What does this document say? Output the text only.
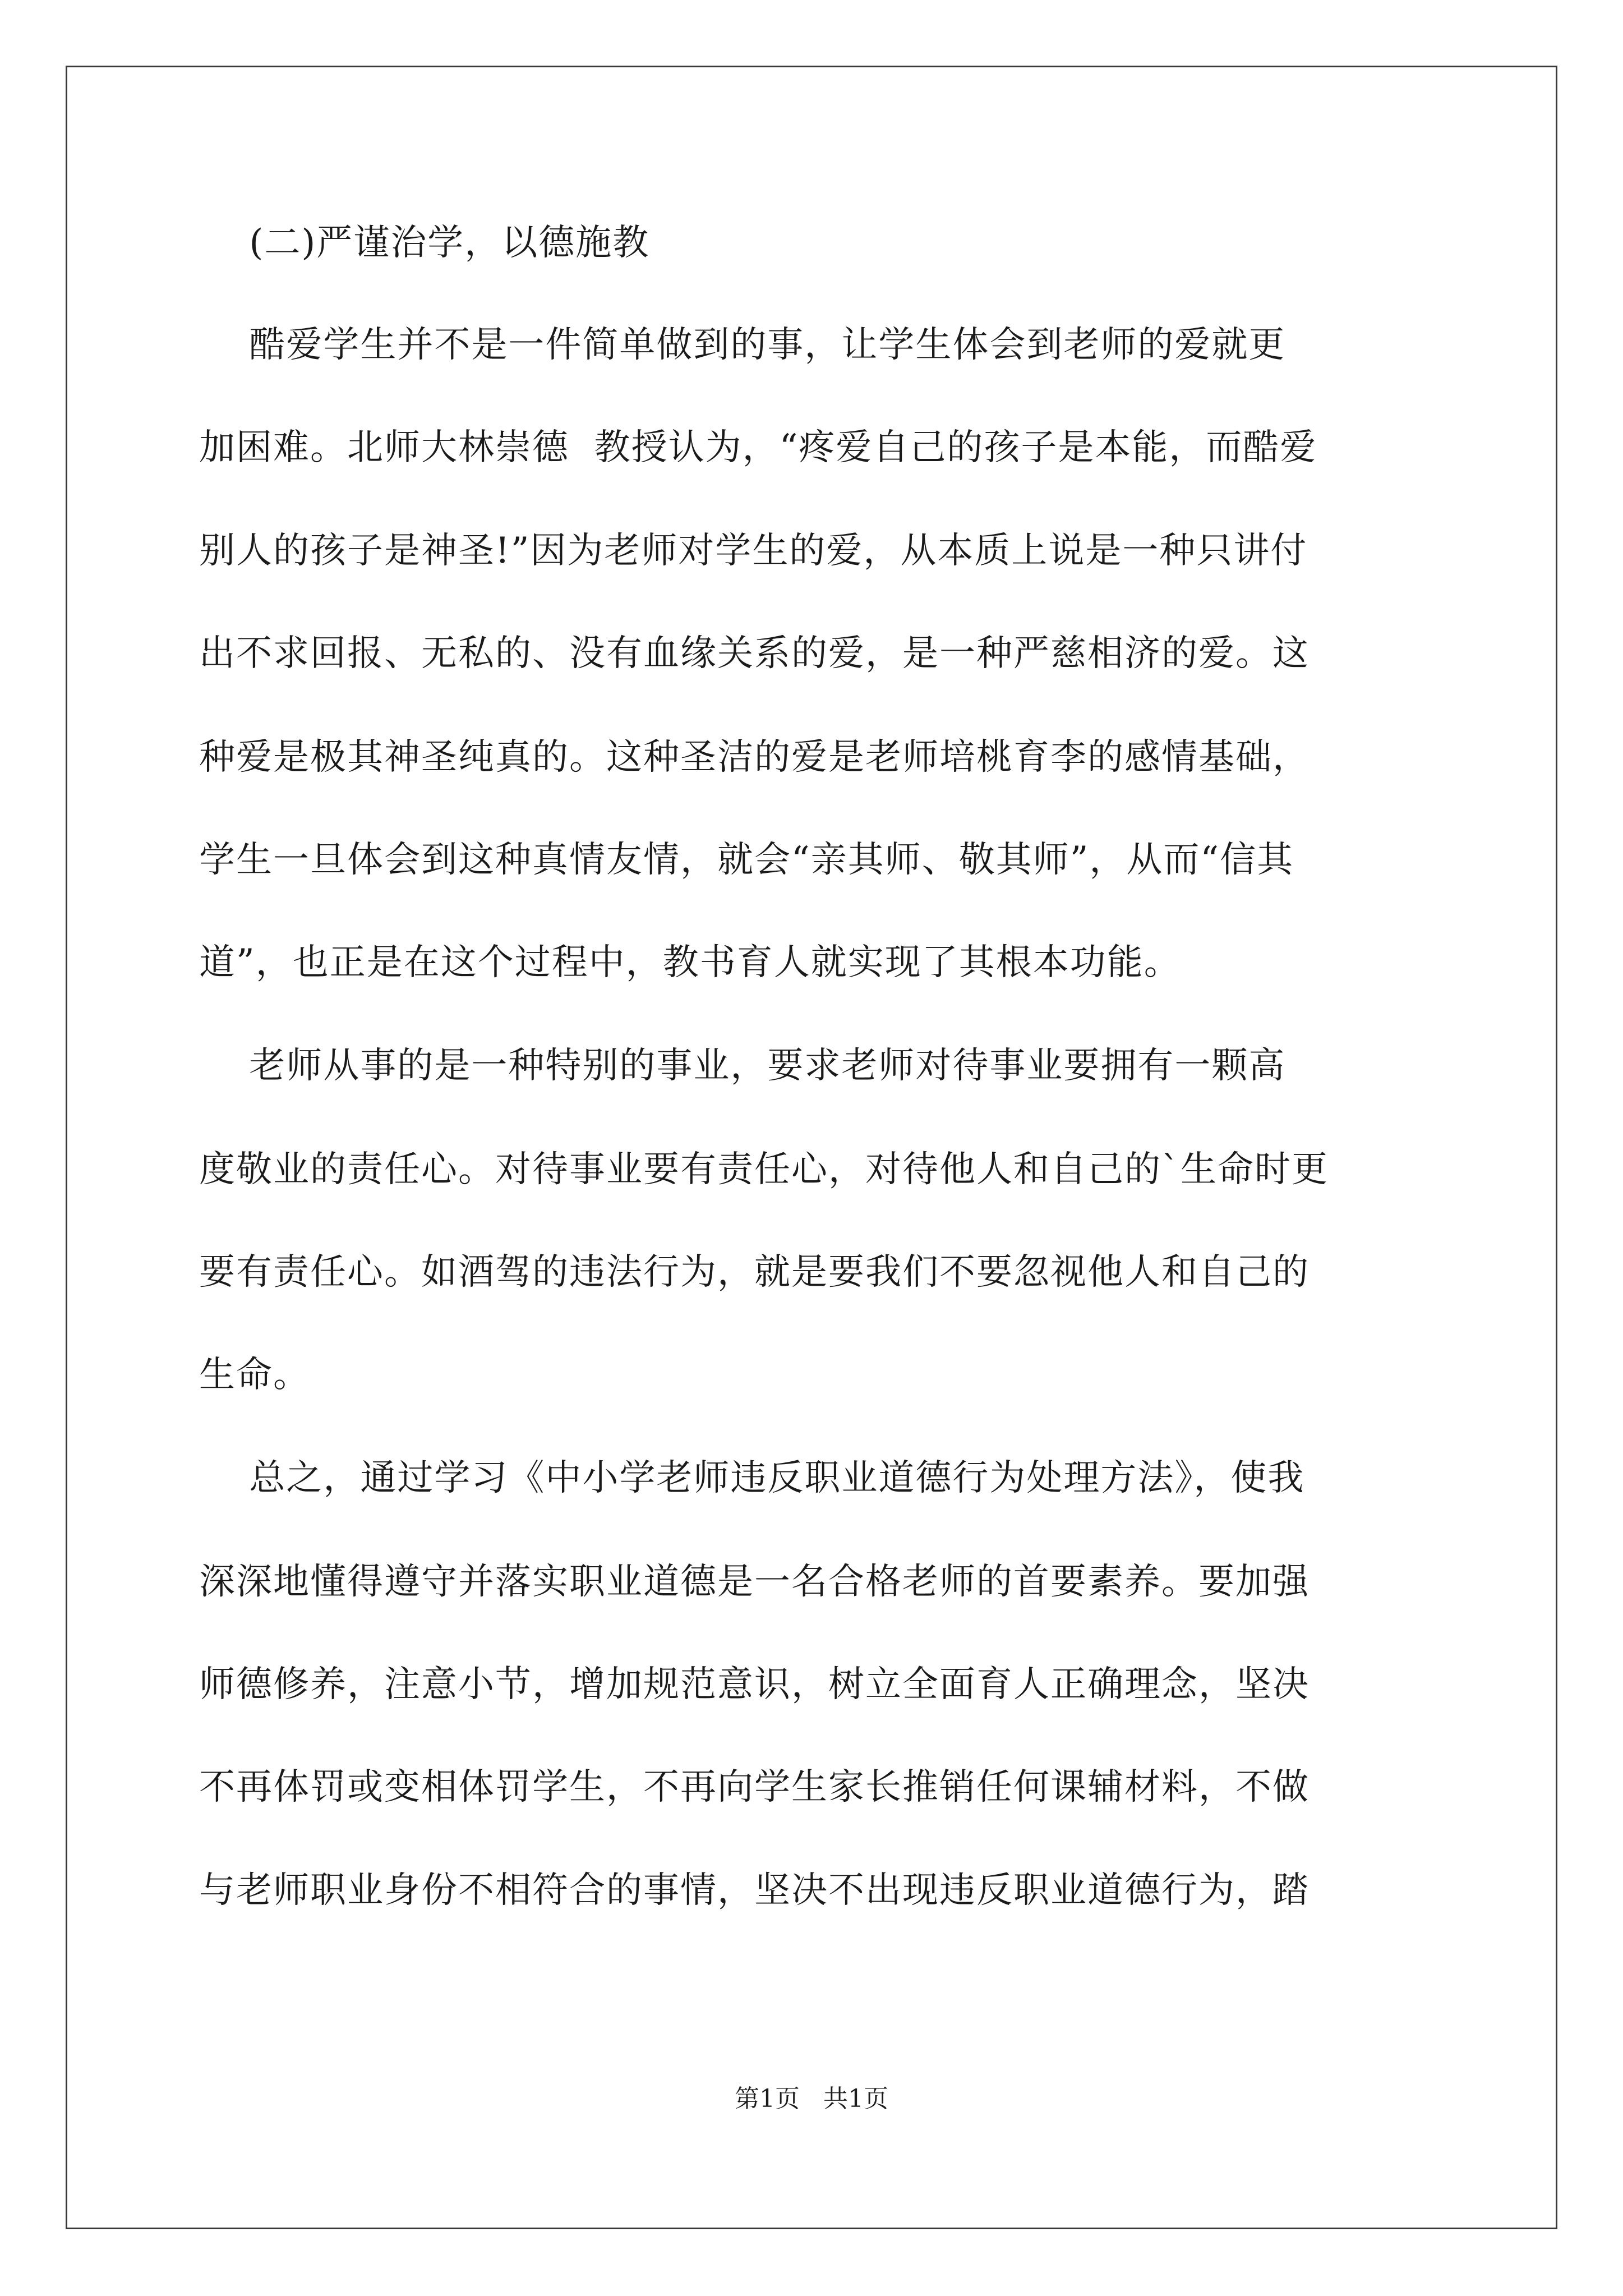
(二)严谨治学，以德施教
酷爱学生并不是一件简单做到的事，让学生体会到老师的爱就更
加困难。北师大林崇德  教授认为，“疼爱自己的孩子是本能，而酷爱
别人的孩子是神圣!”因为老师对学生的爱，从本质上说是一种只讲付
出不求回报、无私的、没有血缘关系的爱，是一种严慈相济的爱。这
种爱是极其神圣纯真的。这种圣洁的爱是老师培桃育李的感情基础，
学生一旦体会到这种真情友情，就会“亲其师、敬其师”，从而“信其
道”，也正是在这个过程中，教书育人就实现了其根本功能。
老师从事的是一种特别的事业，要求老师对待事业要拥有一颗高
度敬业的责任心。对待事业要有责任心，对待他人和自己的`生命时更
要有责任心。如酒驾的违法行为，就是要我们不要忽视他人和自己的
生命。
总之，通过学习《中小学老师违反职业道德行为处理方法》，使我
深深地懂得遵守并落实职业道德是一名合格老师的首要素养。要加强
师德修养，注意小节，增加规范意识，树立全面育人正确理念，坚决
不再体罚或变相体罚学生，不再向学生家长推销任何课辅材料，不做
与老师职业身份不相符合的事情，坚决不出现违反职业道德行为，踏
第1页   共1页
